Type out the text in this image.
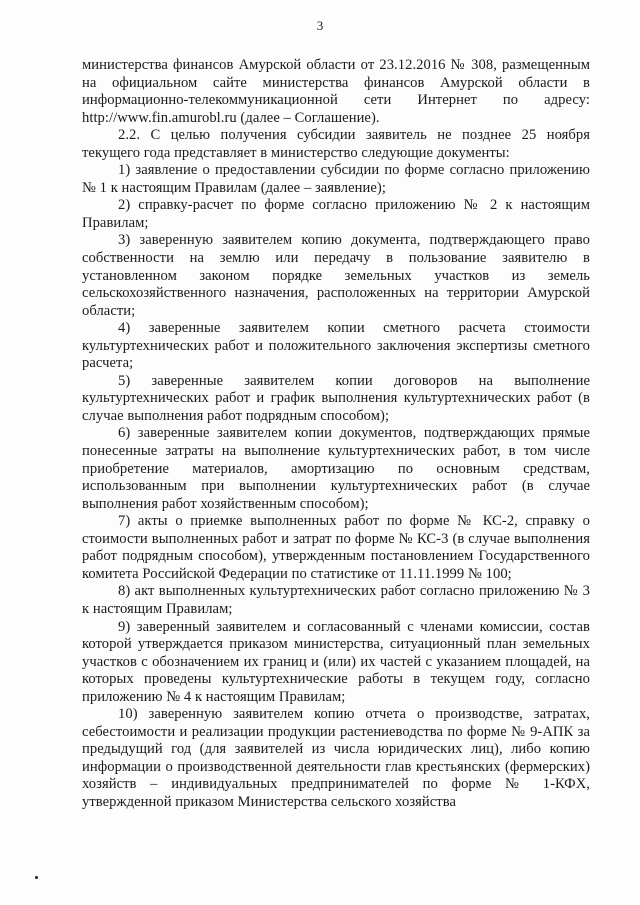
3

министерства финансов Амурской области от 23.12.2016 № 308, размещенным на официальном сайте министерства финансов Амурской области в информационно-телекоммуникационной сети Интернет по адресу: http://www.fin.amurobl.ru (далее – Соглашение).

2.2. С целью получения субсидии заявитель не позднее 25 ноября текущего года представляет в министерство следующие документы:

1) заявление о предоставлении субсидии по форме согласно приложению № 1 к настоящим Правилам (далее – заявление);

2) справку-расчет по форме согласно приложению № 2 к настоящим Правилам;

3) заверенную заявителем копию документа, подтверждающего право собственности на землю или передачу в пользование заявителю в установленном законом порядке земельных участков из земель сельскохозяйственного назначения, расположенных на территории Амурской области;

4) заверенные заявителем копии сметного расчета стоимости культуртехнических работ и положительного заключения экспертизы сметного расчета;

5) заверенные заявителем копии договоров на выполнение культуртехнических работ и график выполнения культуртехнических работ (в случае выполнения работ подрядным способом);

6) заверенные заявителем копии документов, подтверждающих прямые понесенные затраты на выполнение культуртехнических работ, в том числе приобретение материалов, амортизацию по основным средствам, использованным при выполнении культуртехнических работ (в случае выполнения работ хозяйственным способом);

7) акты о приемке выполненных работ по форме № КС-2, справку о стоимости выполненных работ и затрат по форме № КС-3 (в случае выполнения работ подрядным способом), утвержденным постановлением Государственного комитета Российской Федерации по статистике от 11.11.1999 № 100;

8) акт выполненных культуртехнических работ согласно приложению № 3 к настоящим Правилам;

9) заверенный заявителем и согласованный с членами комиссии, состав которой утверждается приказом министерства, ситуационный план земельных участков с обозначением их границ и (или) их частей с указанием площадей, на которых проведены культуртехнические работы в текущем году, согласно приложению № 4 к настоящим Правилам;

10) заверенную заявителем копию отчета о производстве, затратах, себестоимости и реализации продукции растениеводства по форме № 9-АПК за предыдущий год (для заявителей из числа юридических лиц), либо копию информации о производственной деятельности глав крестьянских (фермерских) хозяйств – индивидуальных предпринимателей по форме № 1-КФХ, утвержденной приказом Министерства сельского хозяйства
